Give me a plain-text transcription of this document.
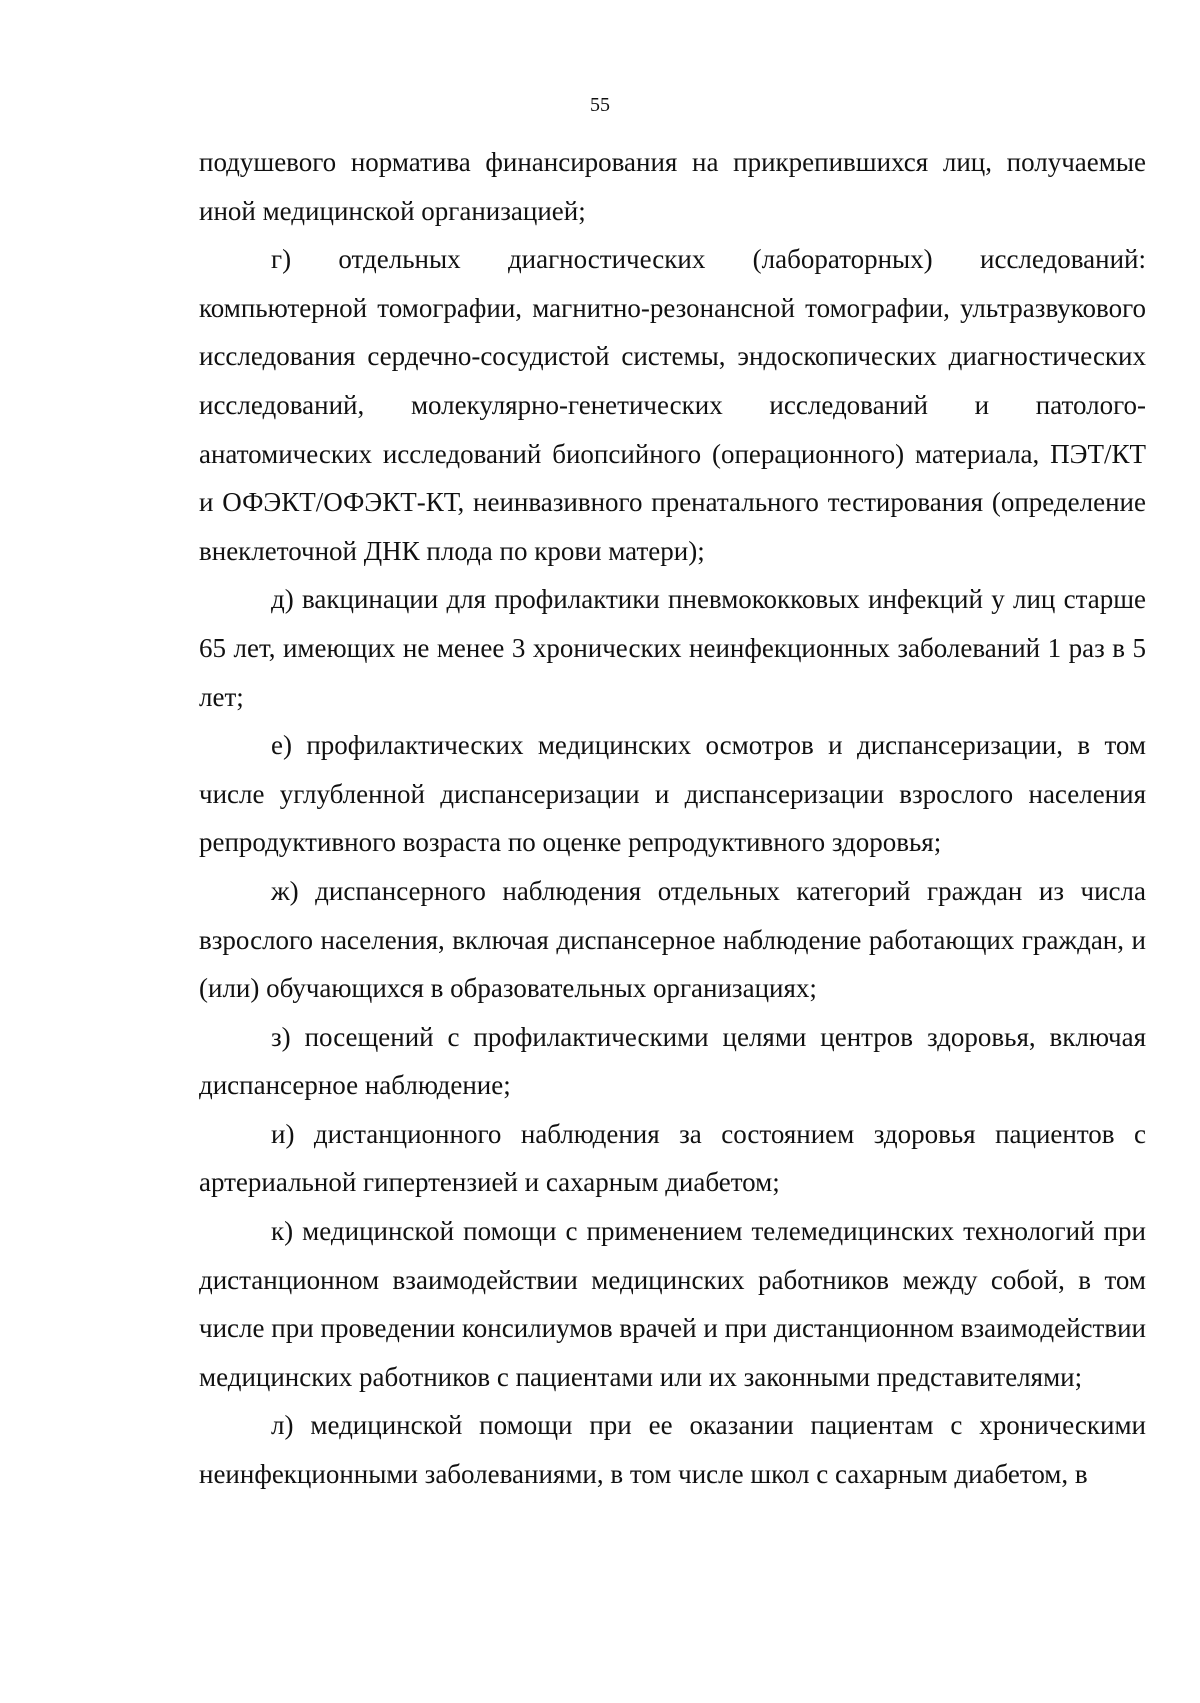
55

подушевого норматива финансирования на прикрепившихся лиц, получаемые иной медицинской организацией;

г) отдельных диагностических (лабораторных) исследований: компьютерной томографии, магнитно-резонансной томографии, ультразвукового исследования сердечно-сосудистой системы, эндоскопических диагностических исследований, молекулярно-генетических исследований и патолого-анатомических исследований биопсийного (операционного) материала, ПЭТ/КТ и ОФЭКТ/ОФЭКТ-КТ, неинвазивного пренатального тестирования (определение внеклеточной ДНК плода по крови матери);

д) вакцинации для профилактики пневмококковых инфекций у лиц старше 65 лет, имеющих не менее 3 хронических неинфекционных заболеваний 1 раз в 5 лет;

е) профилактических медицинских осмотров и диспансеризации, в том числе углубленной диспансеризации и диспансеризации взрослого населения репродуктивного возраста по оценке репродуктивного здоровья;

ж) диспансерного наблюдения отдельных категорий граждан из числа взрослого населения, включая диспансерное наблюдение работающих граждан, и (или) обучающихся в образовательных организациях;

з) посещений с профилактическими целями центров здоровья, включая диспансерное наблюдение;

и) дистанционного наблюдения за состоянием здоровья пациентов с артериальной гипертензией и сахарным диабетом;

к) медицинской помощи с применением телемедицинских технологий при дистанционном взаимодействии медицинских работников между собой, в том числе при проведении консилиумов врачей и при дистанционном взаимодействии медицинских работников с пациентами или их законными представителями;

л) медицинской помощи при ее оказании пациентам с хроническими неинфекционными заболеваниями, в том числе школ с сахарным диабетом, в
